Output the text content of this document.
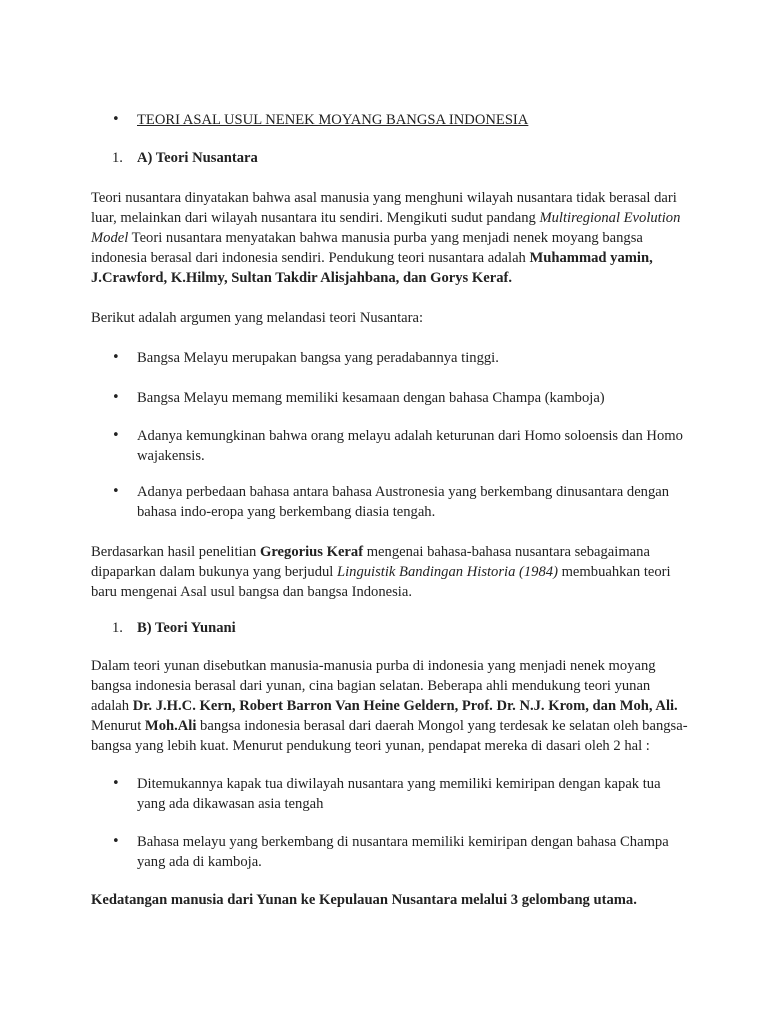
• TEORI ASAL USUL NENEK MOYANG BANGSA INDONESIA

1. A) Teori Nusantara

Teori nusantara dinyatakan bahwa asal manusia yang menghuni wilayah nusantara tidak berasal dari luar, melainkan dari wilayah nusantara itu sendiri. Mengikuti sudut pandang Multiregional Evolution Model Teori nusantara menyatakan bahwa manusia purba yang menjadi nenek moyang bangsa indonesia berasal dari indonesia sendiri. Pendukung teori nusantara adalah Muhammad yamin, J.Crawford, K.Hilmy, Sultan Takdir Alisjahbana, dan Gorys Keraf.

Berikut adalah argumen yang melandasi teori Nusantara:

• Bangsa Melayu merupakan bangsa yang peradabannya tinggi.

• Bangsa Melayu memang memiliki kesamaan dengan bahasa Champa (kamboja)

• Adanya kemungkinan bahwa orang melayu adalah keturunan dari Homo soloensis dan Homo wajakensis.

• Adanya perbedaan bahasa antara bahasa Austronesia yang berkembang dinusantara dengan bahasa indo-eropa yang berkembang diasia tengah.

Berdasarkan hasil penelitian Gregorius Keraf mengenai bahasa-bahasa nusantara sebagaimana dipaparkan dalam bukunya yang berjudul Linguistik Bandingan Historia (1984) membuahkan teori baru mengenai Asal usul bangsa dan bangsa Indonesia.

1. B) Teori Yunani

Dalam teori yunan disebutkan manusia-manusia purba di indonesia yang menjadi nenek moyang bangsa indonesia berasal dari yunan, cina bagian selatan. Beberapa ahli mendukung teori yunan adalah Dr. J.H.C. Kern, Robert Barron Van Heine Geldern, Prof. Dr. N.J. Krom, dan Moh, Ali. Menurut Moh.Ali bangsa indonesia berasal dari daerah Mongol yang terdesak ke selatan oleh bangsa-bangsa yang lebih kuat. Menurut pendukung teori yunan, pendapat mereka di dasari oleh 2 hal :

• Ditemukannya kapak tua diwilayah nusantara yang memiliki kemiripan dengan kapak tua yang ada dikawasan asia tengah

• Bahasa melayu yang berkembang di nusantara memiliki kemiripan dengan bahasa Champa yang ada di kamboja.

Kedatangan manusia dari Yunan ke Kepulauan Nusantara melalui 3 gelombang utama.
